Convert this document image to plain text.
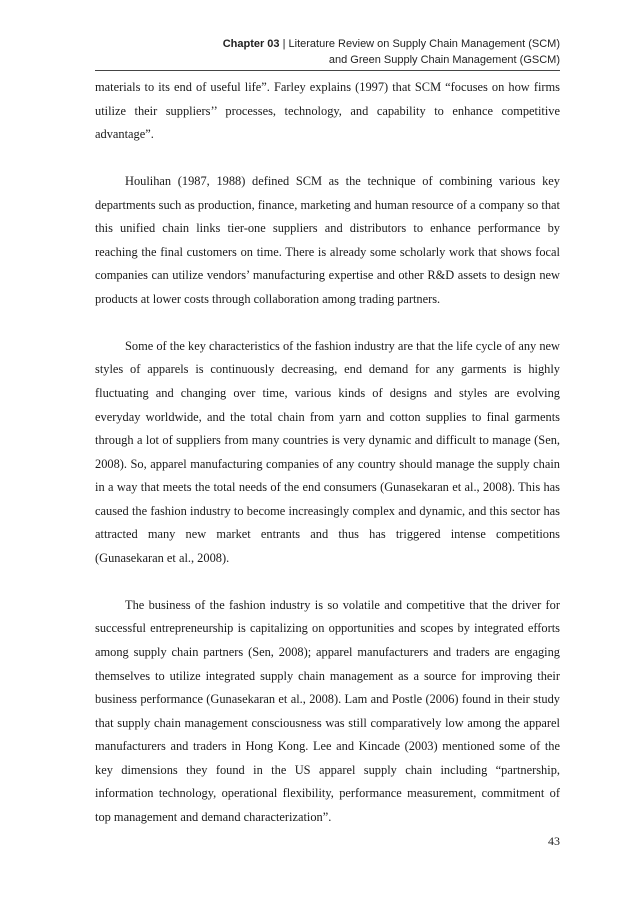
Chapter 03 | Literature Review on Supply Chain Management (SCM)
and Green Supply Chain Management (GSCM)

materials to its end of useful life”. Farley explains (1997) that SCM “focuses on how firms utilize their suppliers’’ processes, technology, and capability to enhance competitive advantage”.

Houlihan (1987, 1988) defined SCM as the technique of combining various key departments such as production, finance, marketing and human resource of a company so that this unified chain links tier-one suppliers and distributors to enhance performance by reaching the final customers on time. There is already some scholarly work that shows focal companies can utilize vendors’ manufacturing expertise and other R&D assets to design new products at lower costs through collaboration among trading partners.

Some of the key characteristics of the fashion industry are that the life cycle of any new styles of apparels is continuously decreasing, end demand for any garments is highly fluctuating and changing over time, various kinds of designs and styles are evolving everyday worldwide, and the total chain from yarn and cotton supplies to final garments through a lot of suppliers from many countries is very dynamic and difficult to manage (Sen, 2008). So, apparel manufacturing companies of any country should manage the supply chain in a way that meets the total needs of the end consumers (Gunasekaran et al., 2008). This has caused the fashion industry to become increasingly complex and dynamic, and this sector has attracted many new market entrants and thus has triggered intense competitions (Gunasekaran et al., 2008).

The business of the fashion industry is so volatile and competitive that the driver for successful entrepreneurship is capitalizing on opportunities and scopes by integrated efforts among supply chain partners (Sen, 2008); apparel manufacturers and traders are engaging themselves to utilize integrated supply chain management as a source for improving their business performance (Gunasekaran et al., 2008). Lam and Postle (2006) found in their study that supply chain management consciousness was still comparatively low among the apparel manufacturers and traders in Hong Kong. Lee and Kincade (2003) mentioned some of the key dimensions they found in the US apparel supply chain including “partnership, information technology, operational flexibility, performance measurement, commitment of top management and demand characterization”.

43
